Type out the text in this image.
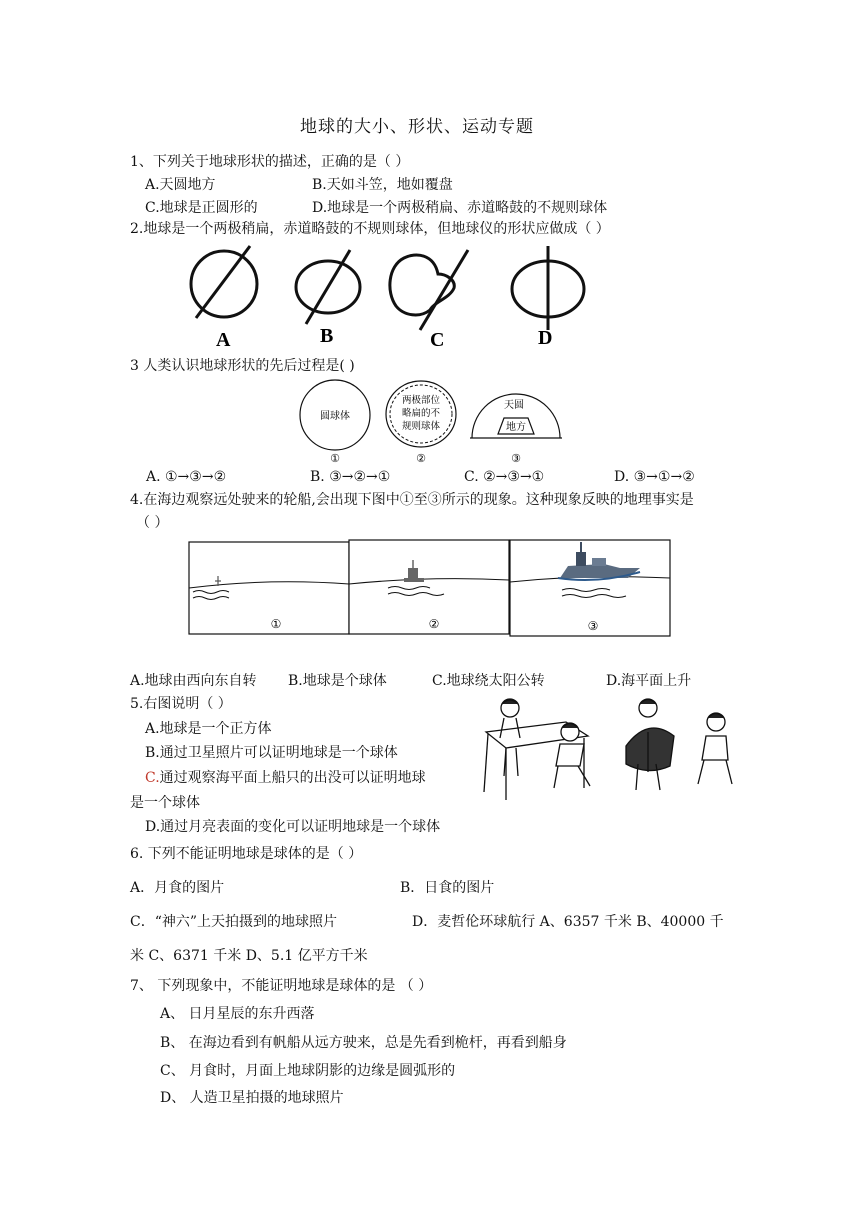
地球的大小、形状、运动专题
1、下列关于地球形状的描述，正确的是（ ）
A.天圆地方	B.天如斗笠，地如覆盘
C.地球是正圆形的	D.地球是一个两极稍扁、赤道略鼓的不规则球体
2.地球是一个两极稍扁，赤道略鼓的不规则球体，但地球仪的形状应做成（ ）
A	B	C	D
3 人类认识地球形状的先后过程是( )
圆球体
两极部位
略扁的不
规则球体
天圆
地方
①	②	③
A. ①→③→②	B. ③→②→①	C. ②→③→①	D. ③→①→②
4.在海边观察远处驶来的轮船,会出现下图中①至③所示的现象。这种现象反映的地理事实是
（ ）
①	②	③
A.地球由西向东自转 B.地球是个球体	C.地球绕太阳公转	D.海平面上升
5.右图说明（ ）
A.地球是一个正方体
B.通过卫星照片可以证明地球是一个球体
C.通过观察海平面上船只的出没可以证明地球
是一个球体
D.通过月亮表面的变化可以证明地球是一个球体
6. 下列不能证明地球是球体的是（ ）
A．月食的图片	B．日食的图片
C．“神六”上天拍摄到的地球照片	D．麦哲伦环球航行 A、6357 千米 B、40000 千
米 C、6371 千米 D、5.1 亿平方千米
7、 下列现象中，不能证明地球是球体的是 （ ）
A、 日月星辰的东升西落
B、 在海边看到有帆船从远方驶来，总是先看到桅杆，再看到船身
C、 月食时，月面上地球阴影的边缘是圆弧形的
D、 人造卫星拍摄的地球照片
